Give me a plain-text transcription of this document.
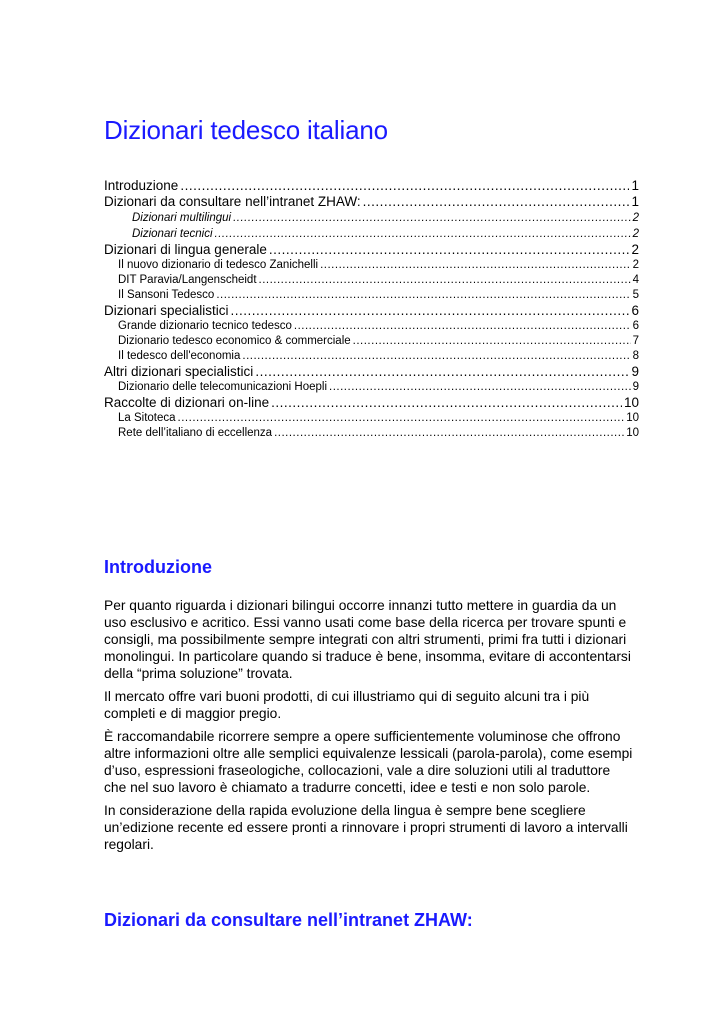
Dizionari tedesco italiano
Introduzione .....	1
Dizionari da consultare nell’intranet ZHAW: .....	1
Dizionari multilingui .....	2
Dizionari tecnici .....	2
Dizionari di lingua generale .....	2
Il nuovo dizionario di tedesco Zanichelli .....	2
DIT Paravia/Langenscheidt .....	4
Il Sansoni Tedesco .....	5
Dizionari specialistici .....	6
Grande dizionario tecnico tedesco .....	6
Dizionario tedesco economico & commerciale .....	7
Il tedesco dell'economia .....	8
Altri dizionari specialistici .....	9
Dizionario delle telecomunicazioni Hoepli .....	9
Raccolte di dizionari on-line .....	10
La Sitoteca .....	10
Rete dell’italiano di eccellenza .....	10
Introduzione

Per quanto riguarda i dizionari bilingui occorre innanzi tutto mettere in guardia da un uso esclusivo e acritico. Essi vanno usati come base della ricerca per trovare spunti e consigli, ma possibilmente sempre integrati con altri strumenti, primi fra tutti i dizionari monolingui. In particolare quando si traduce è bene, insomma, evitare di accontentarsi della “prima soluzione” trovata.

Il mercato offre vari buoni prodotti, di cui illustriamo qui di seguito alcuni tra i più completi e di maggior pregio.

È raccomandabile ricorrere sempre a opere sufficientemente voluminose che offrono altre informazioni oltre alle semplici equivalenze lessicali (parola-parola), come esempi d’uso, espressioni fraseologiche, collocazioni, vale a dire soluzioni utili al traduttore che nel suo lavoro è chiamato a tradurre concetti, idee e testi e non solo parole.

In considerazione della rapida evoluzione della lingua è sempre bene scegliere un’edizione recente ed essere pronti a rinnovare i propri strumenti di lavoro a intervalli regolari.

Dizionari da consultare nell’intranet ZHAW:
